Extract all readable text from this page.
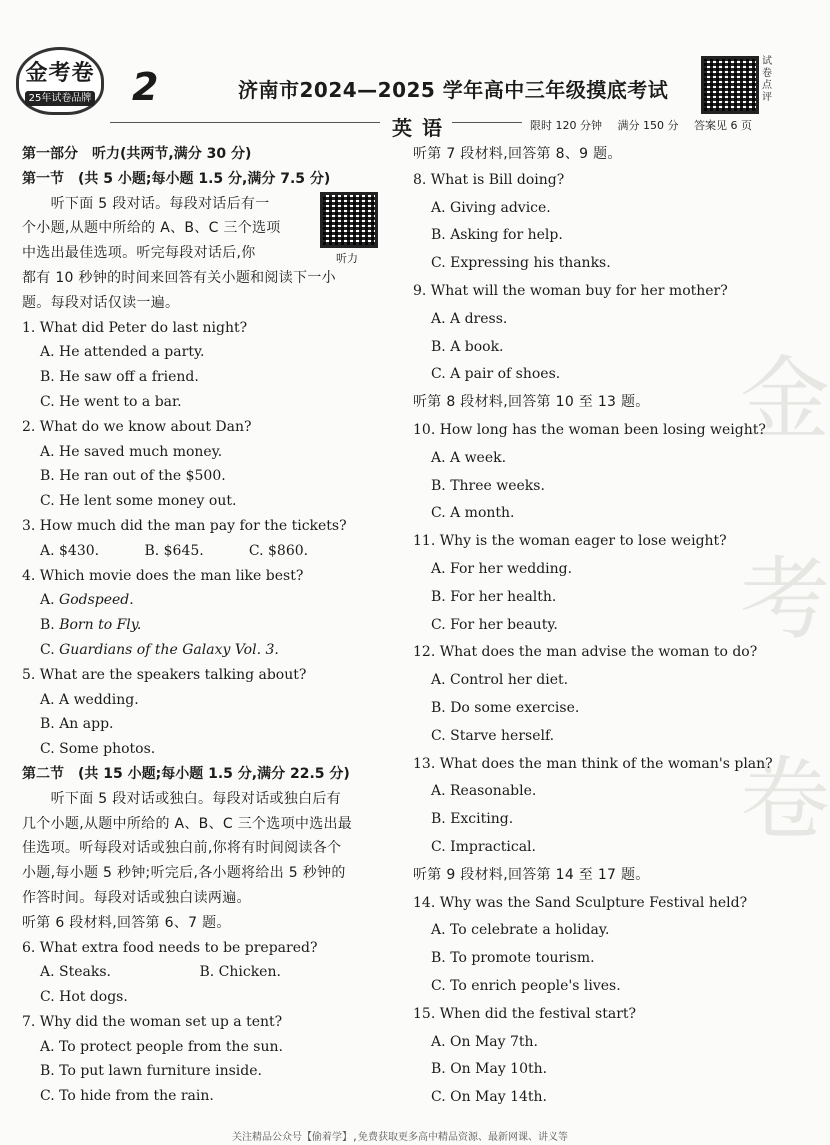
金考卷
25年试卷品牌 2	济南市2024—2025 学年高中三年级摸底考试
试卷点评
英语	限时 120 分钟 满分 150 分 答案见 6 页
金考卷
第一部分　听力(共两节,满分 30 分)
第一节　(共 5 小题;每小题 1.5 分,满分 7.5 分)
　　听下面 5 段对话。每段对话后有一
个小题,从题中所给的 A、B、C 三个选项
中选出最佳选项。听完每段对话后,你
都有 10 秒钟的时间来回答有关小题和阅读下一小
题。每段对话仅读一遍。
1. What did Peter do last night?
A. He attended a party.
B. He saw off a friend.
C. He went to a bar.
2. What do we know about Dan?
A. He saved much money.
B. He ran out of the $500.
C. He lent some money out.
3. How much did the man pay for the tickets?
A. $430.	B. $645.	C. $860.
4. Which movie does the man like best?
A. Godspeed.
B. Born to Fly.
C. Guardians of the Galaxy Vol. 3.
5. What are the speakers talking about?
A. A wedding.
B. An app.
C. Some photos.
第二节　(共 15 小题;每小题 1.5 分,满分 22.5 分)
　　听下面 5 段对话或独白。每段对话或独白后有
几个小题,从题中所给的 A、B、C 三个选项中选出最
佳选项。听每段对话或独白前,你将有时间阅读各个
小题,每小题 5 秒钟;听完后,各小题将给出 5 秒钟的
作答时间。每段对话或独白读两遍。
听第 6 段材料,回答第 6、7 题。
6. What extra food needs to be prepared?
A. Steaks.	B. Chicken.
C. Hot dogs.
7. Why did the woman set up a tent?
A. To protect people from the sun.
B. To put lawn furniture inside.
C. To hide from the rain.
听力
听第 7 段材料,回答第 8、9 题。
8. What is Bill doing?
A. Giving advice.
B. Asking for help.
C. Expressing his thanks.
9. What will the woman buy for her mother?
A. A dress.
B. A book.
C. A pair of shoes.
听第 8 段材料,回答第 10 至 13 题。
10. How long has the woman been losing weight?
A. A week.
B. Three weeks.
C. A month.
11. Why is the woman eager to lose weight?
A. For her wedding.
B. For her health.
C. For her beauty.
12. What does the man advise the woman to do?
A. Control her diet.
B. Do some exercise.
C. Starve herself.
13. What does the man think of the woman's plan?
A. Reasonable.
B. Exciting.
C. Impractical.
听第 9 段材料,回答第 14 至 17 题。
14. Why was the Sand Sculpture Festival held?
A. To celebrate a holiday.
B. To promote tourism.
C. To enrich people's lives.
15. When did the festival start?
A. On May 7th.
B. On May 10th.
C. On May 14th.
关注精品公众号【偷着学】,免费获取更多高中精品资源、最新网课、讲义等
